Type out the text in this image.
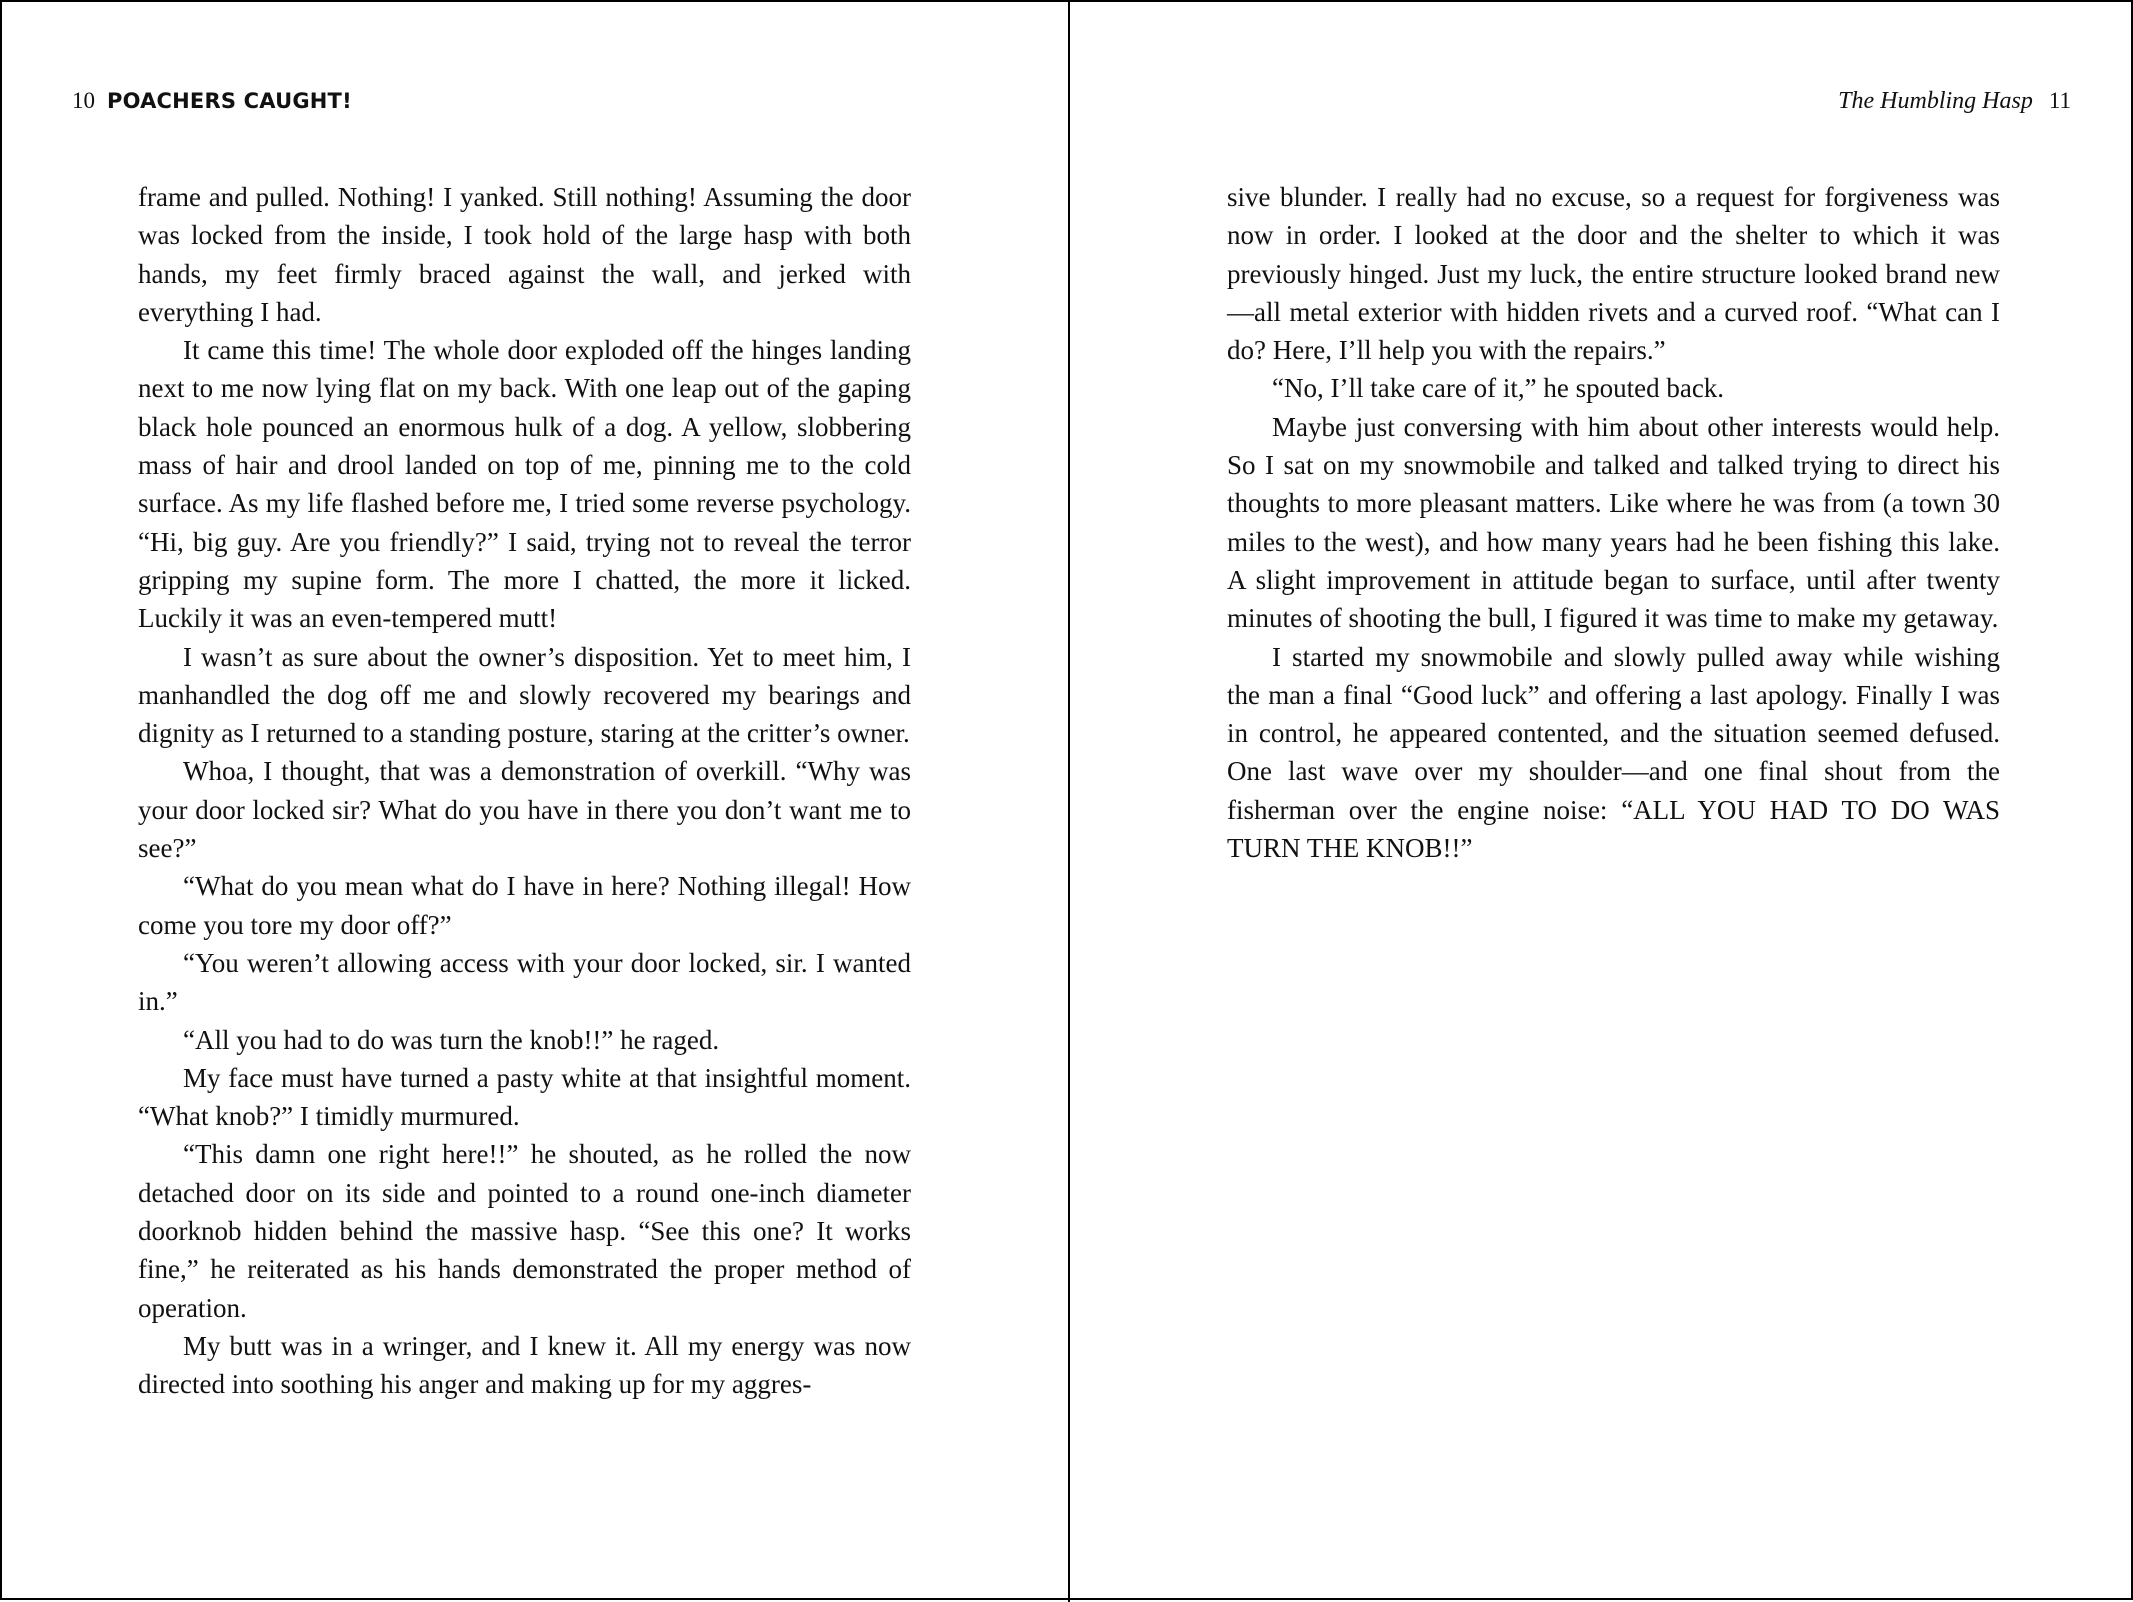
10 POACHERS CAUGHT!

frame and pulled. Nothing! I yanked. Still nothing! Assuming the door was locked from the inside, I took hold of the large hasp with both hands, my feet firmly braced against the wall, and jerked with everything I had.

It came this time! The whole door exploded off the hinges landing next to me now lying flat on my back. With one leap out of the gaping black hole pounced an enormous hulk of a dog. A yellow, slobbering mass of hair and drool landed on top of me, pinning me to the cold surface. As my life flashed before me, I tried some reverse psychology. “Hi, big guy. Are you friendly?” I said, trying not to reveal the terror gripping my supine form. The more I chatted, the more it licked. Luckily it was an even-tempered mutt!

I wasn’t as sure about the owner’s disposition. Yet to meet him, I manhandled the dog off me and slowly recovered my bearings and dignity as I returned to a standing posture, staring at the critter’s owner.

Whoa, I thought, that was a demonstration of overkill. “Why was your door locked sir? What do you have in there you don’t want me to see?”

“What do you mean what do I have in here? Nothing illegal! How come you tore my door off?”

“You weren’t allowing access with your door locked, sir. I wanted in.”

“All you had to do was turn the knob!!” he raged.

My face must have turned a pasty white at that insightful moment. “What knob?” I timidly murmured.

“This damn one right here!!” he shouted, as he rolled the now detached door on its side and pointed to a round one-inch diameter doorknob hidden behind the massive hasp. “See this one? It works fine,” he reiterated as his hands demonstrated the proper method of operation.

My butt was in a wringer, and I knew it. All my energy was now directed into soothing his anger and making up for my aggres-

The Humbling Hasp 11

sive blunder. I really had no excuse, so a request for forgiveness was now in order. I looked at the door and the shelter to which it was previously hinged. Just my luck, the entire structure looked brand new—all metal exterior with hidden rivets and a curved roof. “What can I do? Here, I’ll help you with the repairs.”

“No, I’ll take care of it,” he spouted back.

Maybe just conversing with him about other interests would help. So I sat on my snowmobile and talked and talked trying to direct his thoughts to more pleasant matters. Like where he was from (a town 30 miles to the west), and how many years had he been fishing this lake. A slight improvement in attitude began to surface, until after twenty minutes of shooting the bull, I figured it was time to make my getaway.

I started my snowmobile and slowly pulled away while wishing the man a final “Good luck” and offering a last apology. Finally I was in control, he appeared contented, and the situation seemed defused. One last wave over my shoulder—and one final shout from the fisherman over the engine noise: “ALL YOU HAD TO DO WAS TURN THE KNOB!!”
